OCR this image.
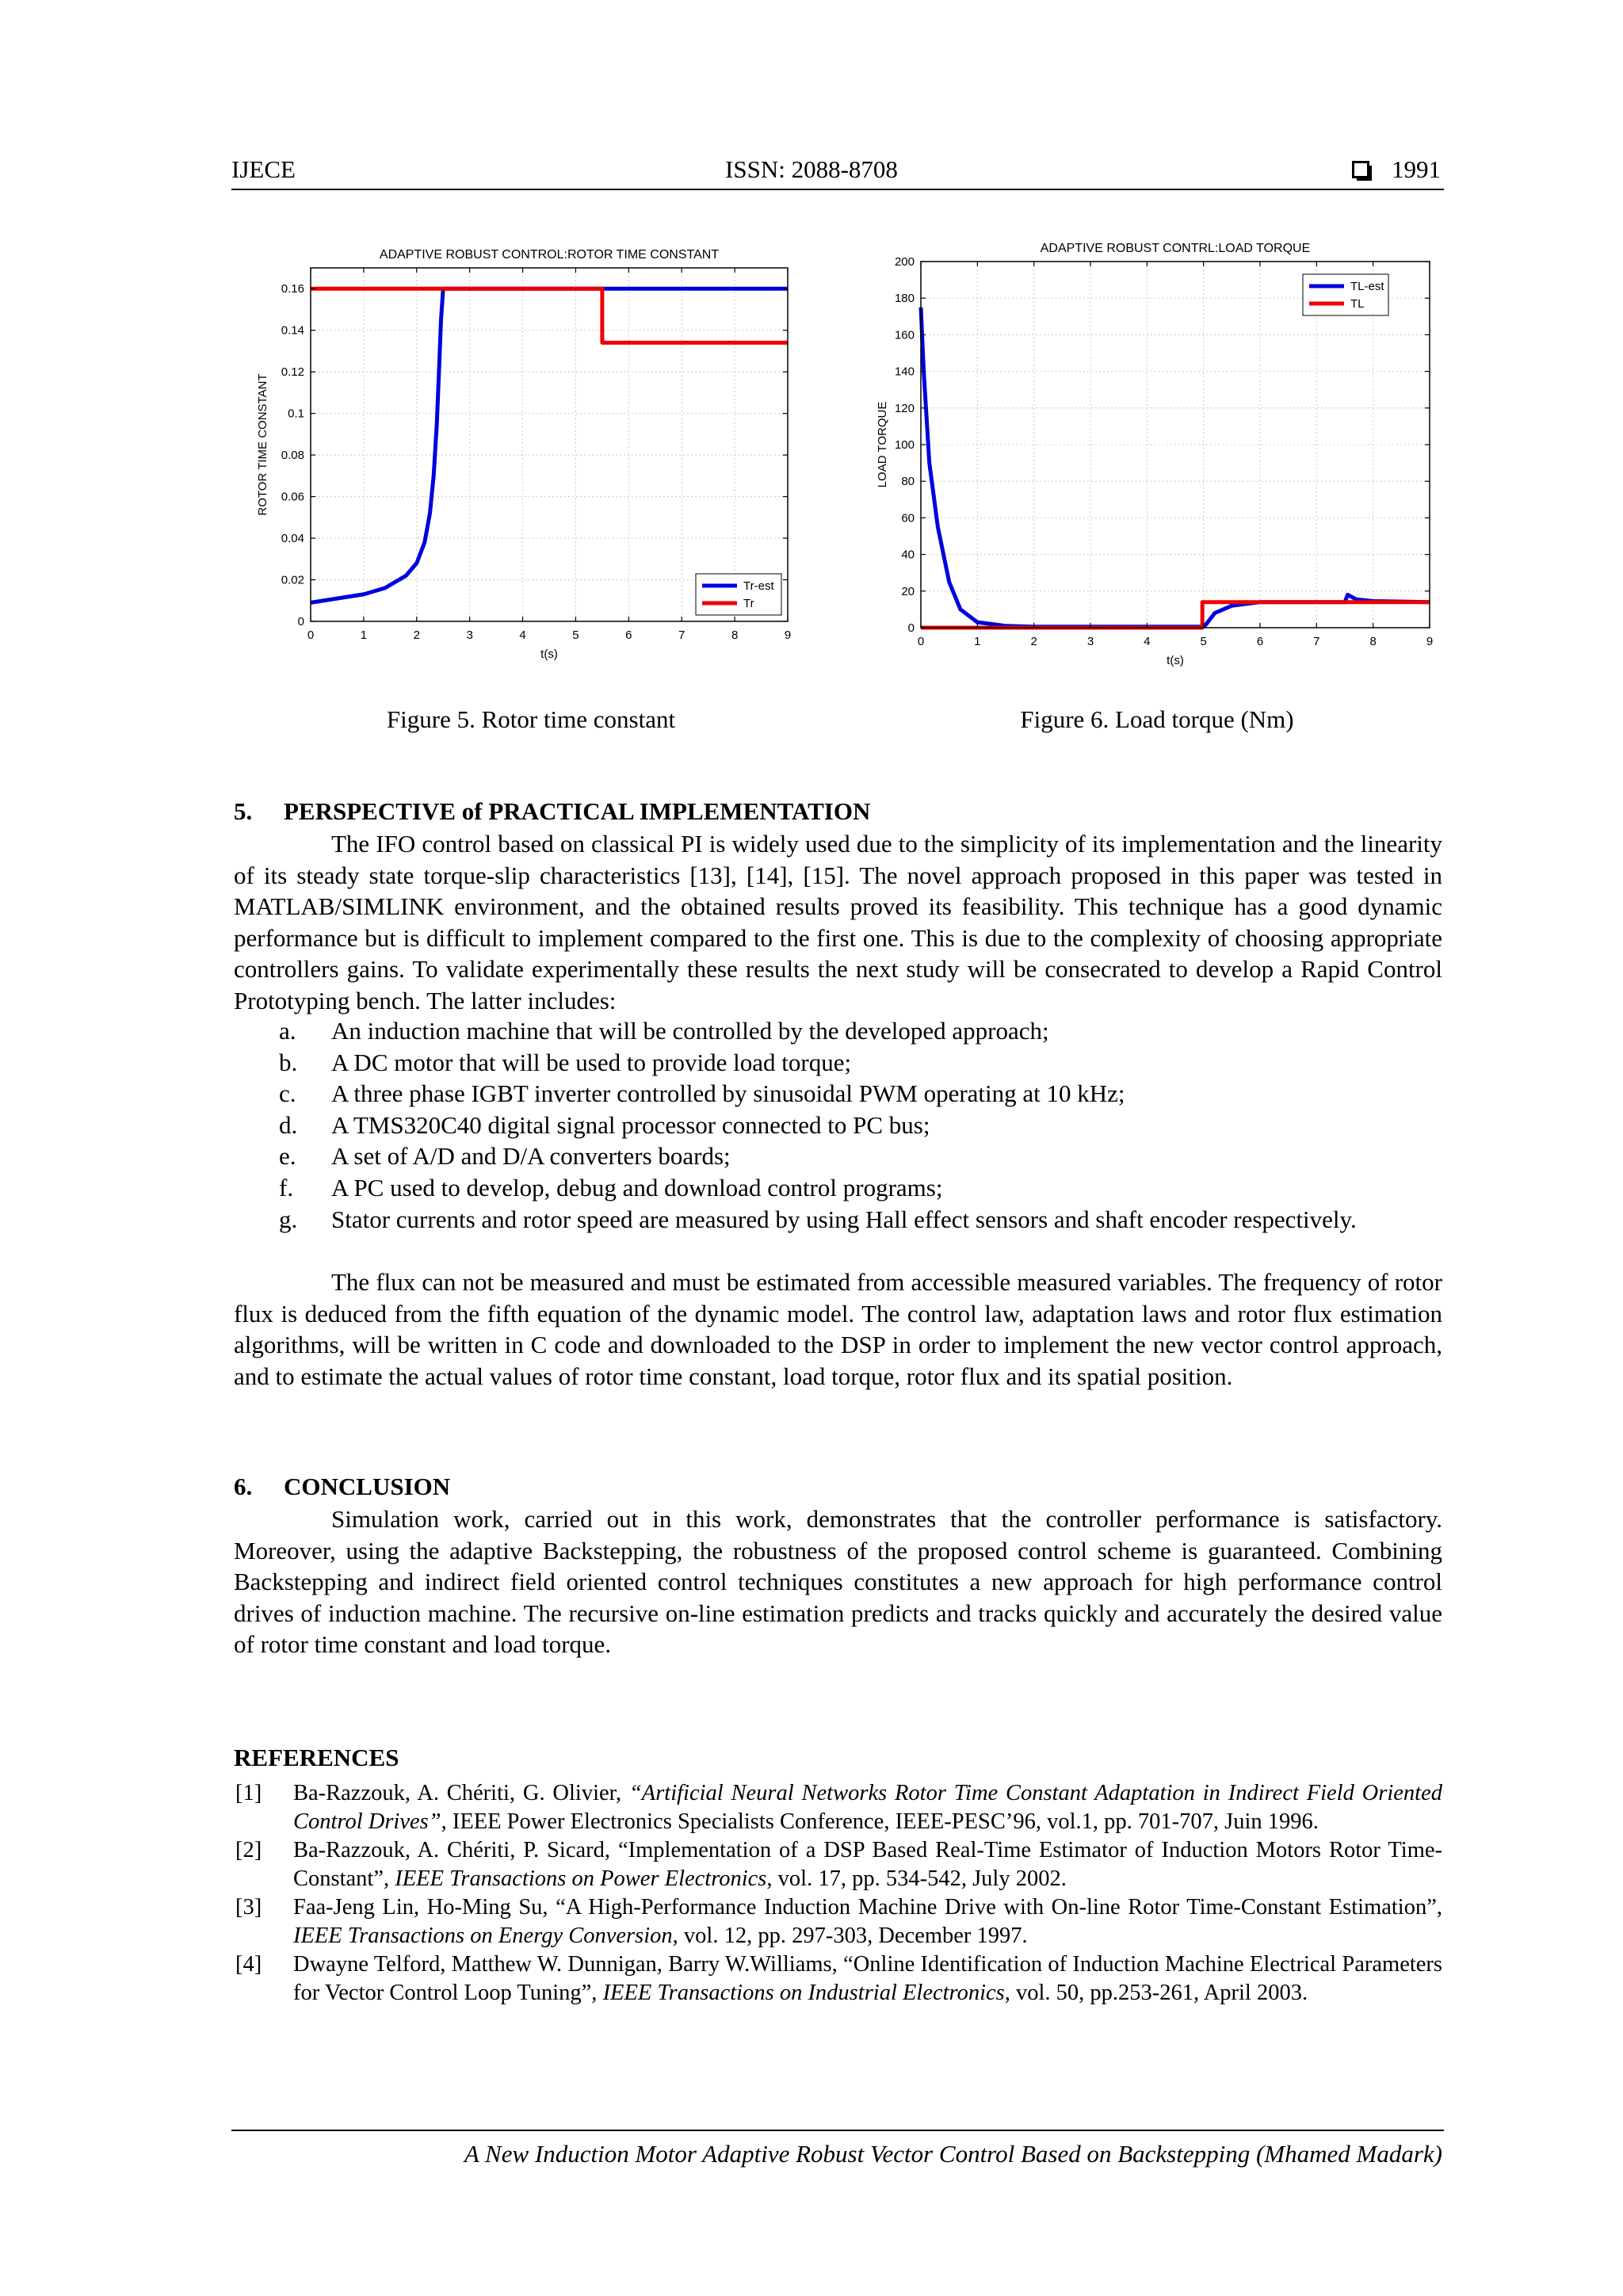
IJECE	ISSN: 2088-8708	1991
0	1	2	3	4	5	6	7	8	9
0
0.02
0.04
0.06
0.08
0.1
0.12
0.14
0.16
ADAPTIVE ROBUST CONTROL:ROTOR TIME CONSTANT
t(s)
ROTOR TIME CONSTANT
Tr-est
Tr
Figure 5. Rotor time constant
0	1	2	3	4	5	6	7	8	9
0
20
40
60
80
100
120
140
160
180
200
ADAPTIVE ROBUST CONTRL:LOAD TORQUE
t(s)
LOAD TORQUE
TL-est
TL
Figure 6. Load torque (Nm)
5. PERSPECTIVE of PRACTICAL IMPLEMENTATION
The IFO control based on classical PI is widely used due to the simplicity of its implementation and the linearity of its steady state torque-slip characteristics [13], [14], [15]. The novel approach proposed in this paper was tested in MATLAB/SIMLINK environment, and the obtained results proved its feasibility. This technique has a good dynamic performance but is difficult to implement compared to the first one. This is due to the complexity of choosing appropriate controllers gains. To validate experimentally these results the next study will be consecrated to develop a Rapid Control Prototyping bench. The latter includes:
a. An induction machine that will be controlled by the developed approach;
b. A DC motor that will be used to provide load torque;
c. A three phase IGBT inverter controlled by sinusoidal PWM operating at 10 kHz;
d. A TMS320C40 digital signal processor connected to PC bus;
e. A set of A/D and D/A converters boards;
f. A PC used to develop, debug and download control programs;
g. Stator currents and rotor speed are measured by using Hall effect sensors and shaft encoder respectively.
The flux can not be measured and must be estimated from accessible measured variables. The frequency of rotor flux is deduced from the fifth equation of the dynamic model. The control law, adaptation laws and rotor flux estimation algorithms, will be written in C code and downloaded to the DSP in order to implement the new vector control approach, and to estimate the actual values of rotor time constant, load torque, rotor flux and its spatial position.
6. CONCLUSION
Simulation work, carried out in this work, demonstrates that the controller performance is satisfactory. Moreover, using the adaptive Backstepping, the robustness of the proposed control scheme is guaranteed. Combining Backstepping and indirect field oriented control techniques constitutes a new approach for high performance control drives of induction machine. The recursive on-line estimation predicts and tracks quickly and accurately the desired value of rotor time constant and load torque.
REFERENCES
[1] Ba-Razzouk, A. Chériti, G. Olivier, “Artificial Neural Networks Rotor Time Constant Adaptation in Indirect Field Oriented Control Drives”, IEEE Power Electronics Specialists Conference, IEEE-PESC’96, vol.1, pp. 701-707, Juin 1996.
[2] Ba-Razzouk, A. Chériti, P. Sicard, “Implementation of a DSP Based Real-Time Estimator of Induction Motors Rotor Time-Constant”, IEEE Transactions on Power Electronics, vol. 17, pp. 534-542, July 2002.
[3] Faa-Jeng Lin, Ho-Ming Su, “A High-Performance Induction Machine Drive with On-line Rotor Time-Constant Estimation”, IEEE Transactions on Energy Conversion, vol. 12, pp. 297-303, December 1997.
[4] Dwayne Telford, Matthew W. Dunnigan, Barry W.Williams, “Online Identification of Induction Machine Electrical Parameters for Vector Control Loop Tuning”, IEEE Transactions on Industrial Electronics, vol. 50, pp.253-261, April 2003.
A New Induction Motor Adaptive Robust Vector Control Based on Backstepping (Mhamed Madark)
